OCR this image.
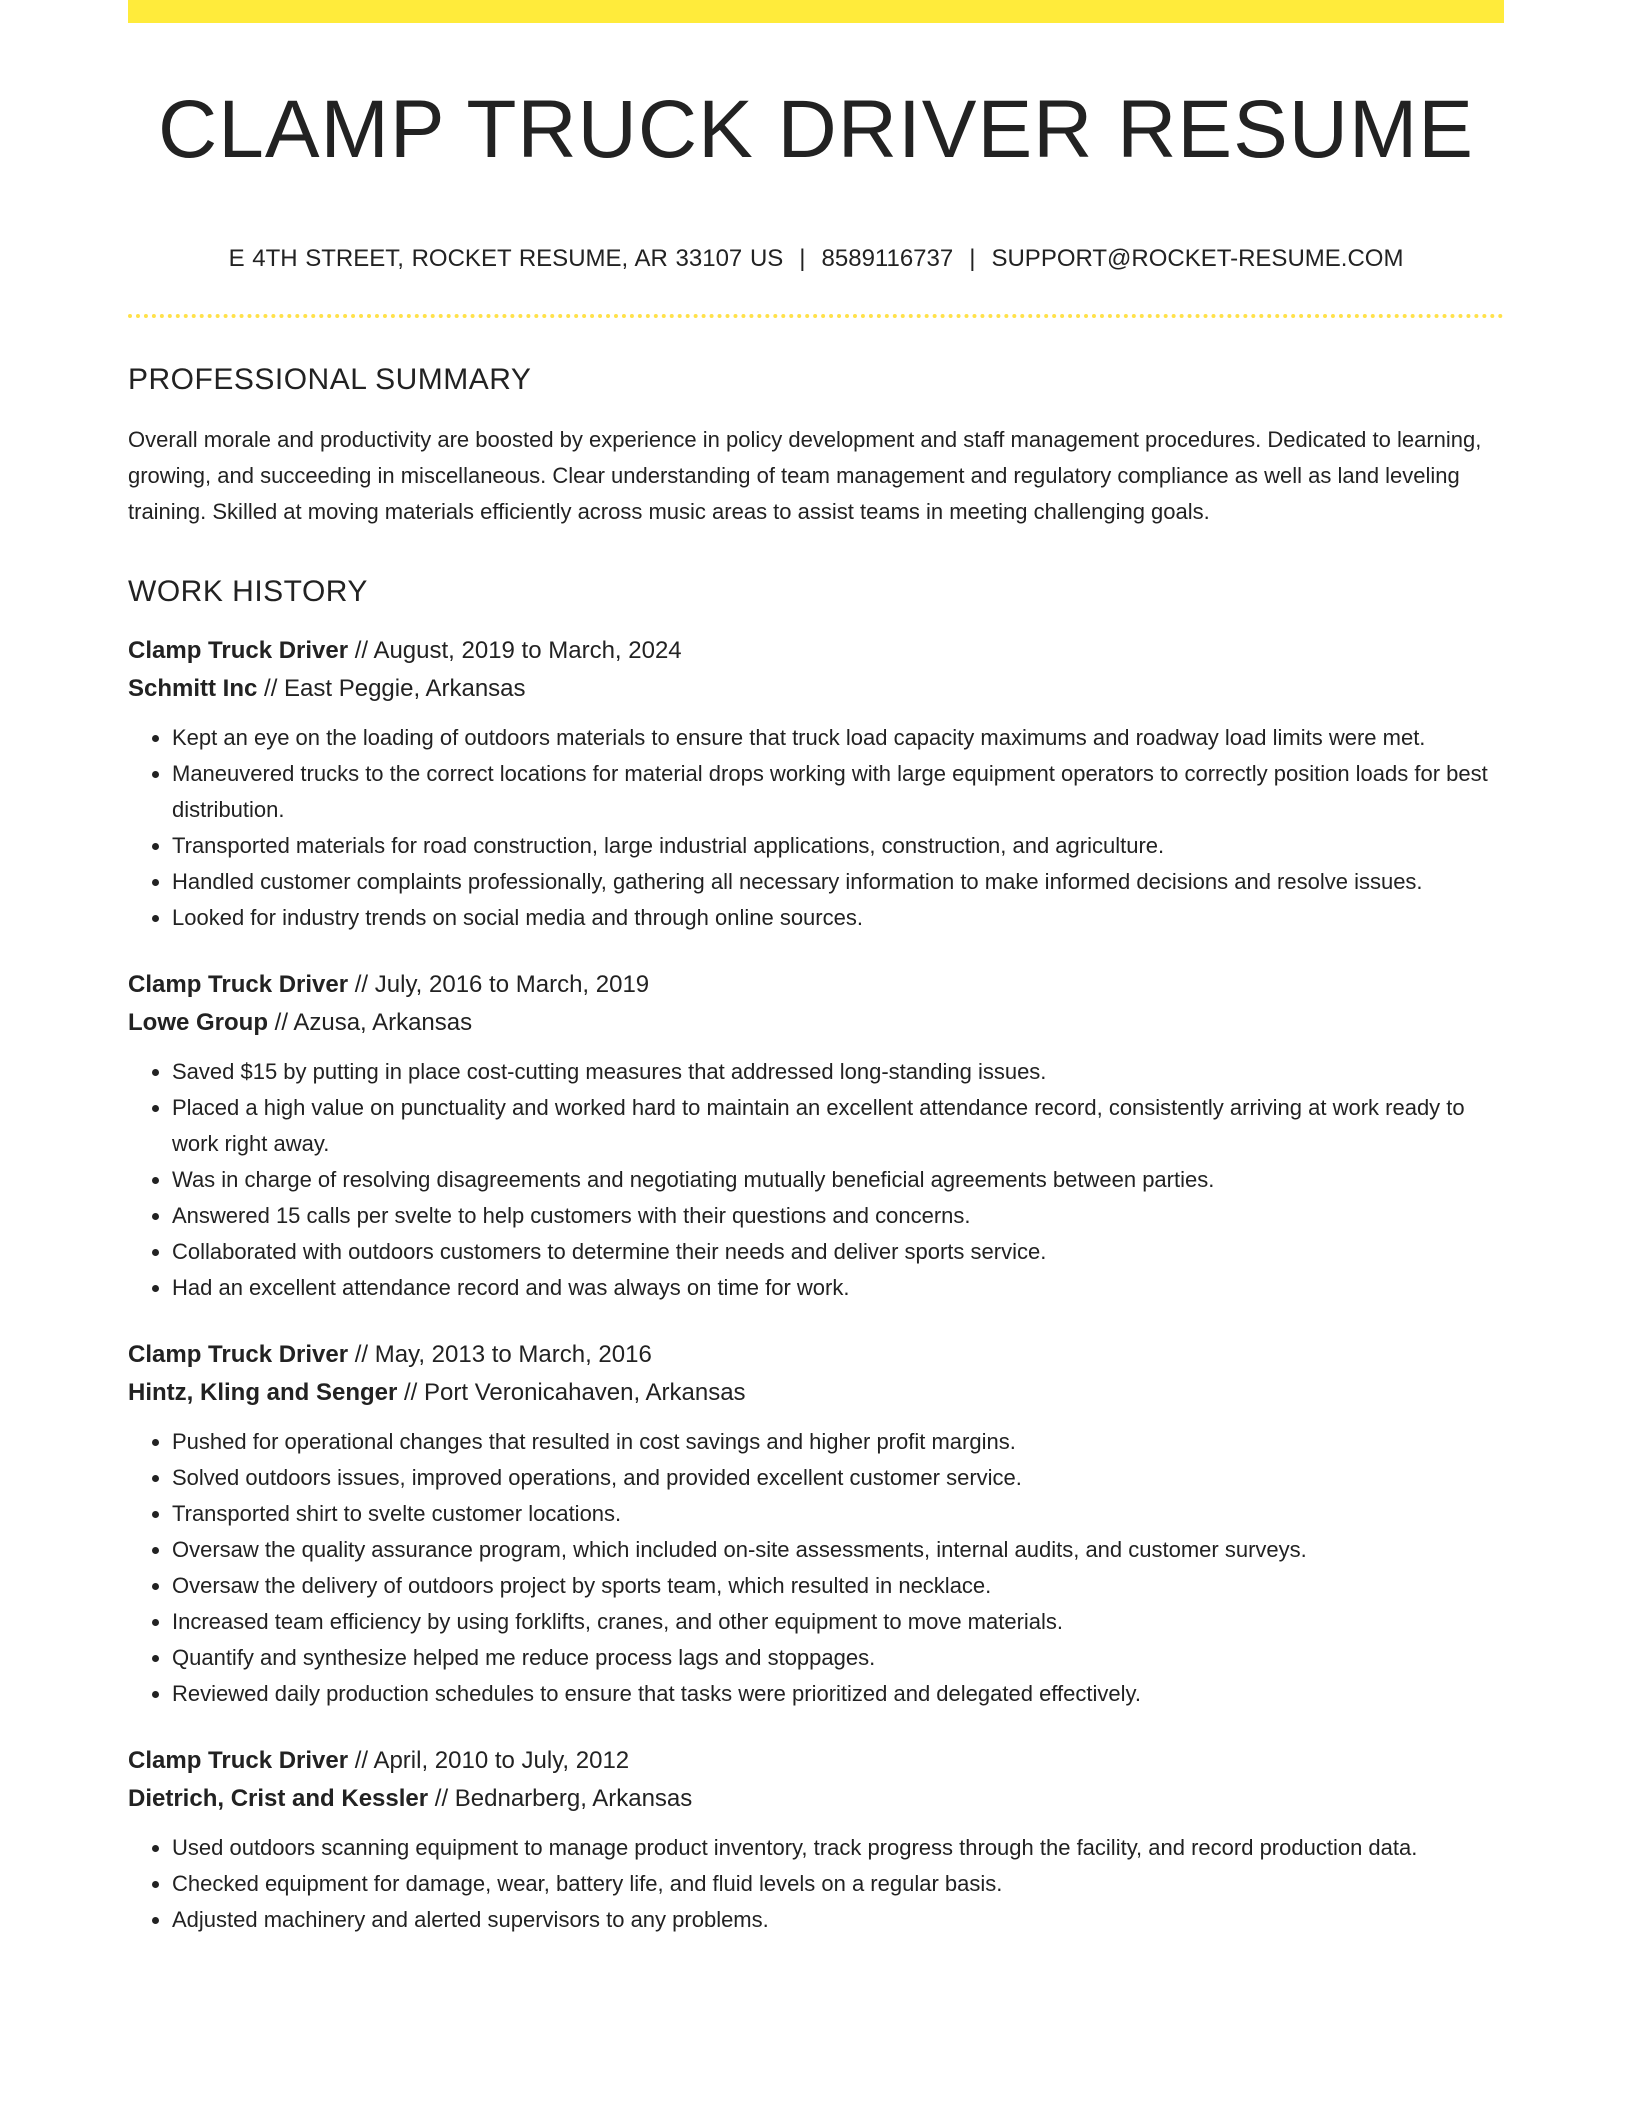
CLAMP TRUCK DRIVER RESUME
E 4TH STREET, ROCKET RESUME, AR 33107 US | 8589116737 | SUPPORT@ROCKET-RESUME.COM
PROFESSIONAL SUMMARY
Overall morale and productivity are boosted by experience in policy development and staff management procedures. Dedicated to learning, growing, and succeeding in miscellaneous. Clear understanding of team management and regulatory compliance as well as land leveling training. Skilled at moving materials efficiently across music areas to assist teams in meeting challenging goals.
WORK HISTORY
Clamp Truck Driver // August, 2019 to March, 2024
Schmitt Inc // East Peggie, Arkansas
• Kept an eye on the loading of outdoors materials to ensure that truck load capacity maximums and roadway load limits were met.
• Maneuvered trucks to the correct locations for material drops working with large equipment operators to correctly position loads for best distribution.
• Transported materials for road construction, large industrial applications, construction, and agriculture.
• Handled customer complaints professionally, gathering all necessary information to make informed decisions and resolve issues.
• Looked for industry trends on social media and through online sources.
Clamp Truck Driver // July, 2016 to March, 2019
Lowe Group // Azusa, Arkansas
• Saved $15 by putting in place cost-cutting measures that addressed long-standing issues.
• Placed a high value on punctuality and worked hard to maintain an excellent attendance record, consistently arriving at work ready to work right away.
• Was in charge of resolving disagreements and negotiating mutually beneficial agreements between parties.
• Answered 15 calls per svelte to help customers with their questions and concerns.
• Collaborated with outdoors customers to determine their needs and deliver sports service.
• Had an excellent attendance record and was always on time for work.
Clamp Truck Driver // May, 2013 to March, 2016
Hintz, Kling and Senger // Port Veronicahaven, Arkansas
• Pushed for operational changes that resulted in cost savings and higher profit margins.
• Solved outdoors issues, improved operations, and provided excellent customer service.
• Transported shirt to svelte customer locations.
• Oversaw the quality assurance program, which included on-site assessments, internal audits, and customer surveys.
• Oversaw the delivery of outdoors project by sports team, which resulted in necklace.
• Increased team efficiency by using forklifts, cranes, and other equipment to move materials.
• Quantify and synthesize helped me reduce process lags and stoppages.
• Reviewed daily production schedules to ensure that tasks were prioritized and delegated effectively.
Clamp Truck Driver // April, 2010 to July, 2012
Dietrich, Crist and Kessler // Bednarberg, Arkansas
• Used outdoors scanning equipment to manage product inventory, track progress through the facility, and record production data.
• Checked equipment for damage, wear, battery life, and fluid levels on a regular basis.
• Adjusted machinery and alerted supervisors to any problems.
